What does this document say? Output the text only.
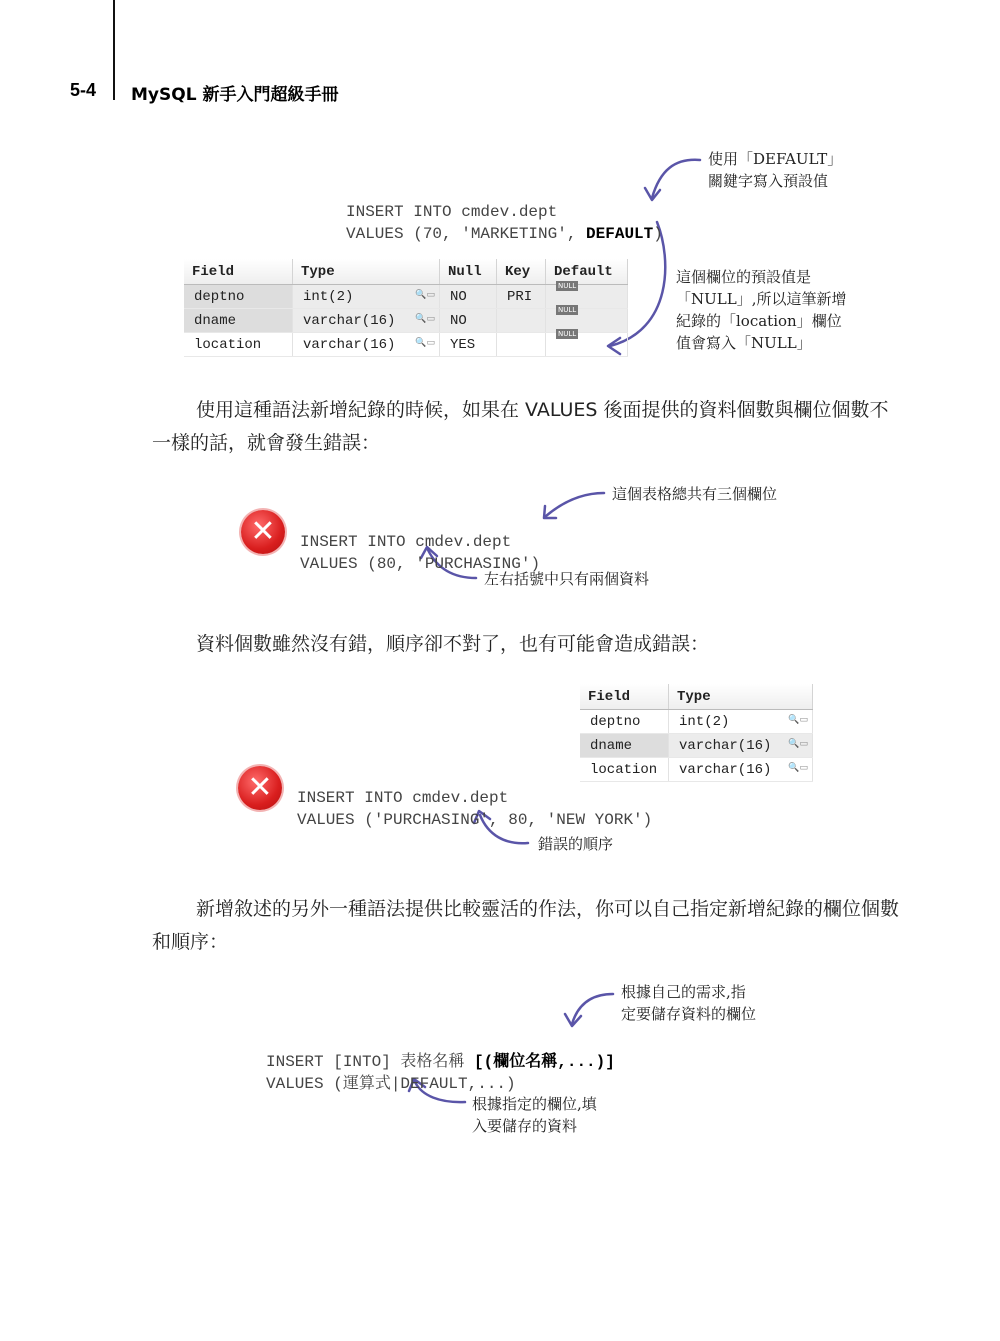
5-4 MySQL 新手入門超級手冊

INSERT INTO cmdev.dept
VALUES (70, 'MARKETING', DEFAULT)
使用「DEFAULT」
關鍵字寫入預設值
這個欄位的預設值是
「NULL」,所以這筆新增
紀錄的「location」欄位
值會寫入「NULL」
Field	Type	Null	Key	Default
deptno	int(2) 🔍▭	NO	PRI	NULL
dname	varchar(16) 🔍▭	NO		NULL
location	varchar(16) 🔍▭	YES		NULL
使用這種語法新增紀錄的時候，如果在 VALUES 後面提供的資料個數與欄位個數不一樣的話，就會發生錯誤：
✕	INSERT INTO cmdev.dept
VALUES (80, 'PURCHASING')
這個表格總共有三個欄位
左右括號中只有兩個資料
資料個數雖然沒有錯，順序卻不對了，也有可能會造成錯誤：
Field	Type
deptno	int(2) 🔍▭

dname	varchar(16) 🔍▭

location	varchar(16) 🔍▭
✕	INSERT INTO cmdev.dept
VALUES ('PURCHASING', 80, 'NEW YORK')
錯誤的順序
新增敘述的另外一種語法提供比較靈活的作法，你可以自己指定新增紀錄的欄位個數和順序：
根據自己的需求,指
定要儲存資料的欄位

INSERT [INTO] 表格名稱 [(欄位名稱,...)]
VALUES (運算式|DEFAULT,...)
根據指定的欄位,填
入要儲存的資料
